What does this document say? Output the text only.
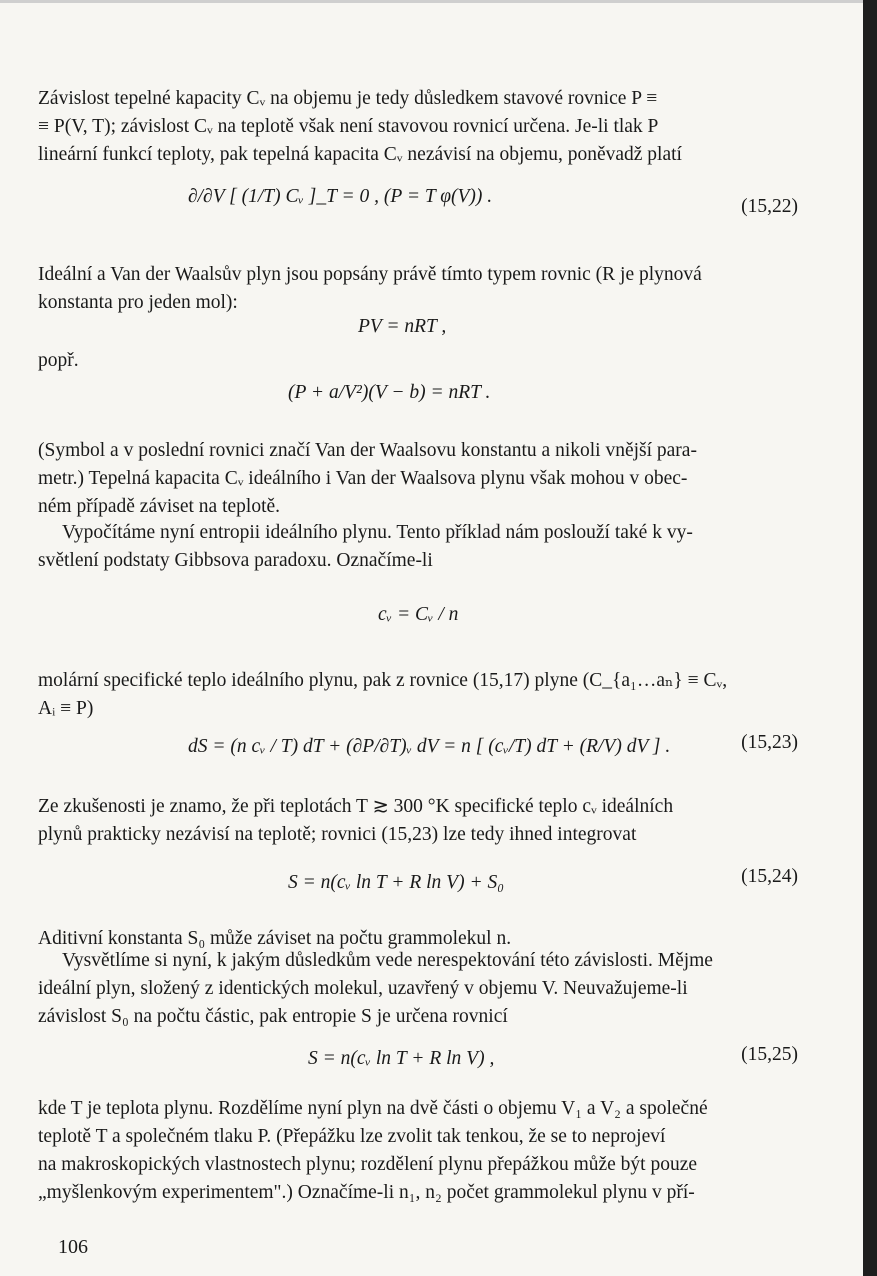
Závislost tepelné kapacity Cᵥ na objemu je tedy důsledkem stavové rovnice P ≡
≡ P(V, T); závislost Cᵥ na teplotě však není stavovou rovnicí určena. Je-li tlak P
lineární funkcí teploty, pak tepelná kapacita Cᵥ nezávisí na objemu, poněvadž platí
∂/∂V [ (1/T) Cᵥ ]_T = 0 , (P = T φ(V)) .	(15,22)
Ideální a Van der Waalsův plyn jsou popsány právě tímto typem rovnic (R je plynová
konstanta pro jeden mol):
PV = nRT ,
popř.
(P + a/V²)(V − b) = nRT .
(Symbol a v poslední rovnici značí Van der Waalsovu konstantu a nikoli vnější para-
metr.) Tepelná kapacita Cᵥ ideálního i Van der Waalsova plynu však mohou v obec-
ném případě záviset na teplotě.
Vypočítáme nyní entropii ideálního plynu. Tento příklad nám poslouží také k vy-
světlení podstaty Gibbsova paradoxu. Označíme-li
cᵥ = Cᵥ / n
molární specifické teplo ideálního plynu, pak z rovnice (15,17) plyne (C_{a₁…aₙ} ≡ Cᵥ,
Aᵢ ≡ P)
dS = (n cᵥ / T) dT + (∂P/∂T)ᵥ dV = n [ (cᵥ/T) dT + (R/V) dV ] .	(15,23)
Ze zkušenosti je znamo, že při teplotách T ≳ 300 °K specifické teplo cᵥ ideálních
plynů prakticky nezávisí na teplotě; rovnici (15,23) lze tedy ihned integrovat
S = n(cᵥ ln T + R ln V) + S₀	(15,24)
Aditivní konstanta S₀ může záviset na počtu grammolekul n.
Vysvětlíme si nyní, k jakým důsledkům vede nerespektování této závislosti. Mějme
ideální plyn, složený z identických molekul, uzavřený v objemu V. Neuvažujeme-li
závislost S₀ na počtu částic, pak entropie S je určena rovnicí
S = n(cᵥ ln T + R ln V) ,	(15,25)
kde T je teplota plynu. Rozdělíme nyní plyn na dvě části o objemu V₁ a V₂ a společné
teplotě T a společném tlaku P. (Přepážku lze zvolit tak tenkou, že se to neprojeví
na makroskopických vlastnostech plynu; rozdělení plynu přepážkou může být pouze
„myšlenkovým experimentem".) Označíme-li n₁, n₂ počet grammolekul plynu v pří-
106
